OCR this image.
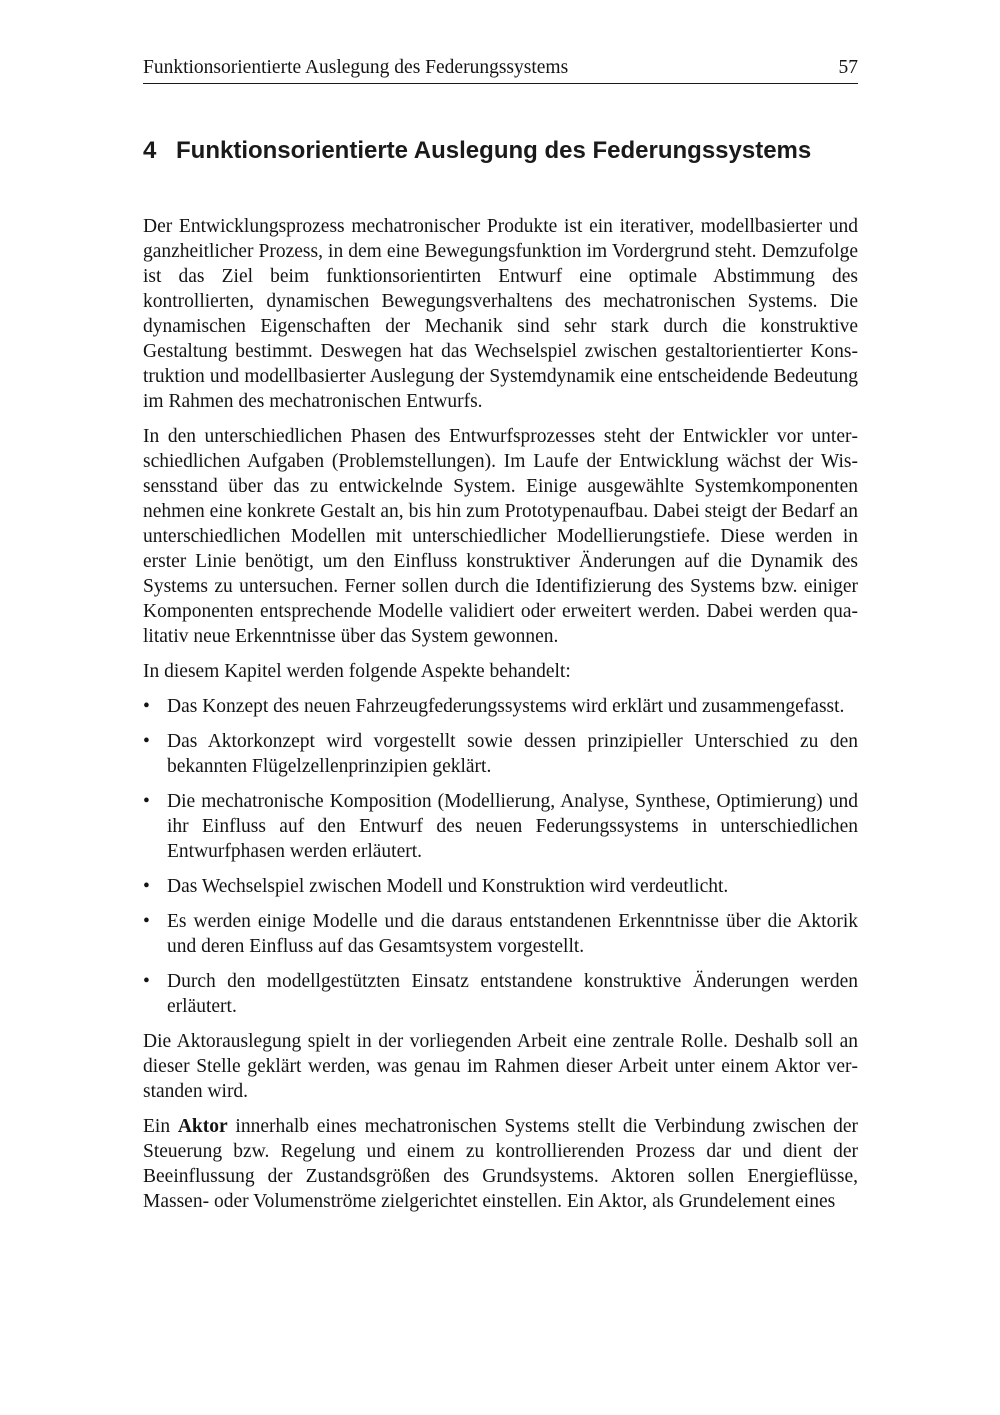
Funktionsorientierte Auslegung des Federungssystems	57
4 Funktionsorientierte Auslegung des Federungssystems

Der Entwicklungsprozess mechatronischer Produkte ist ein iterativer, modellbasierter und ganzheitlicher Prozess, in dem eine Bewegungsfunktion im Vordergrund steht. Demzufolge ist das Ziel beim funktionsorientirten Entwurf eine optimale Abstimmung des kontrollierten, dynamischen Bewegungsverhaltens des mechatronischen Systems. Die dynamischen Eigenschaften der Mechanik sind sehr stark durch die konstruktive Gestaltung bestimmt. Deswegen hat das Wechselspiel zwischen gestaltorientierter Konstruktion und modellbasierter Auslegung der Systemdynamik eine entscheidende Bedeutung im Rahmen des mechatronischen Entwurfs.

In den unterschiedlichen Phasen des Entwurfsprozesses steht der Entwickler vor unterschiedlichen Aufgaben (Problemstellungen). Im Laufe der Entwicklung wächst der Wissensstand über das zu entwickelnde System. Einige ausgewählte Systemkomponenten nehmen eine konkrete Gestalt an, bis hin zum Prototypenaufbau. Dabei steigt der Bedarf an unterschiedlichen Modellen mit unterschiedlicher Modellierungstiefe. Diese werden in erster Linie benötigt, um den Einfluss konstruktiver Änderungen auf die Dynamik des Systems zu untersuchen. Ferner sollen durch die Identifizierung des Systems bzw. einiger Komponenten entsprechende Modelle validiert oder erweitert werden. Dabei werden qualitativ neue Erkenntnisse über das System gewonnen.

In diesem Kapitel werden folgende Aspekte behandelt:

• Das Konzept des neuen Fahrzeugfederungssystems wird erklärt und zusammengefasst.
• Das Aktorkonzept wird vorgestellt sowie dessen prinzipieller Unterschied zu den bekannten Flügelzellenprinzipien geklärt.
• Die mechatronische Komposition (Modellierung, Analyse, Synthese, Optimierung) und ihr Einfluss auf den Entwurf des neuen Federungssystems in unterschiedlichen Entwurfphasen werden erläutert.
• Das Wechselspiel zwischen Modell und Konstruktion wird verdeutlicht.
• Es werden einige Modelle und die daraus entstandenen Erkenntnisse über die Aktorik und deren Einfluss auf das Gesamtsystem vorgestellt.
• Durch den modellgestützten Einsatz entstandene konstruktive Änderungen werden erläutert.

Die Aktorauslegung spielt in der vorliegenden Arbeit eine zentrale Rolle. Deshalb soll an dieser Stelle geklärt werden, was genau im Rahmen dieser Arbeit unter einem Aktor verstanden wird.

Ein Aktor innerhalb eines mechatronischen Systems stellt die Verbindung zwischen der Steuerung bzw. Regelung und einem zu kontrollierenden Prozess dar und dient der Beeinflussung der Zustandsgrößen des Grundsystems. Aktoren sollen Energieflüsse, Massen- oder Volumenströme zielgerichtet einstellen. Ein Aktor, als Grundelement eines
